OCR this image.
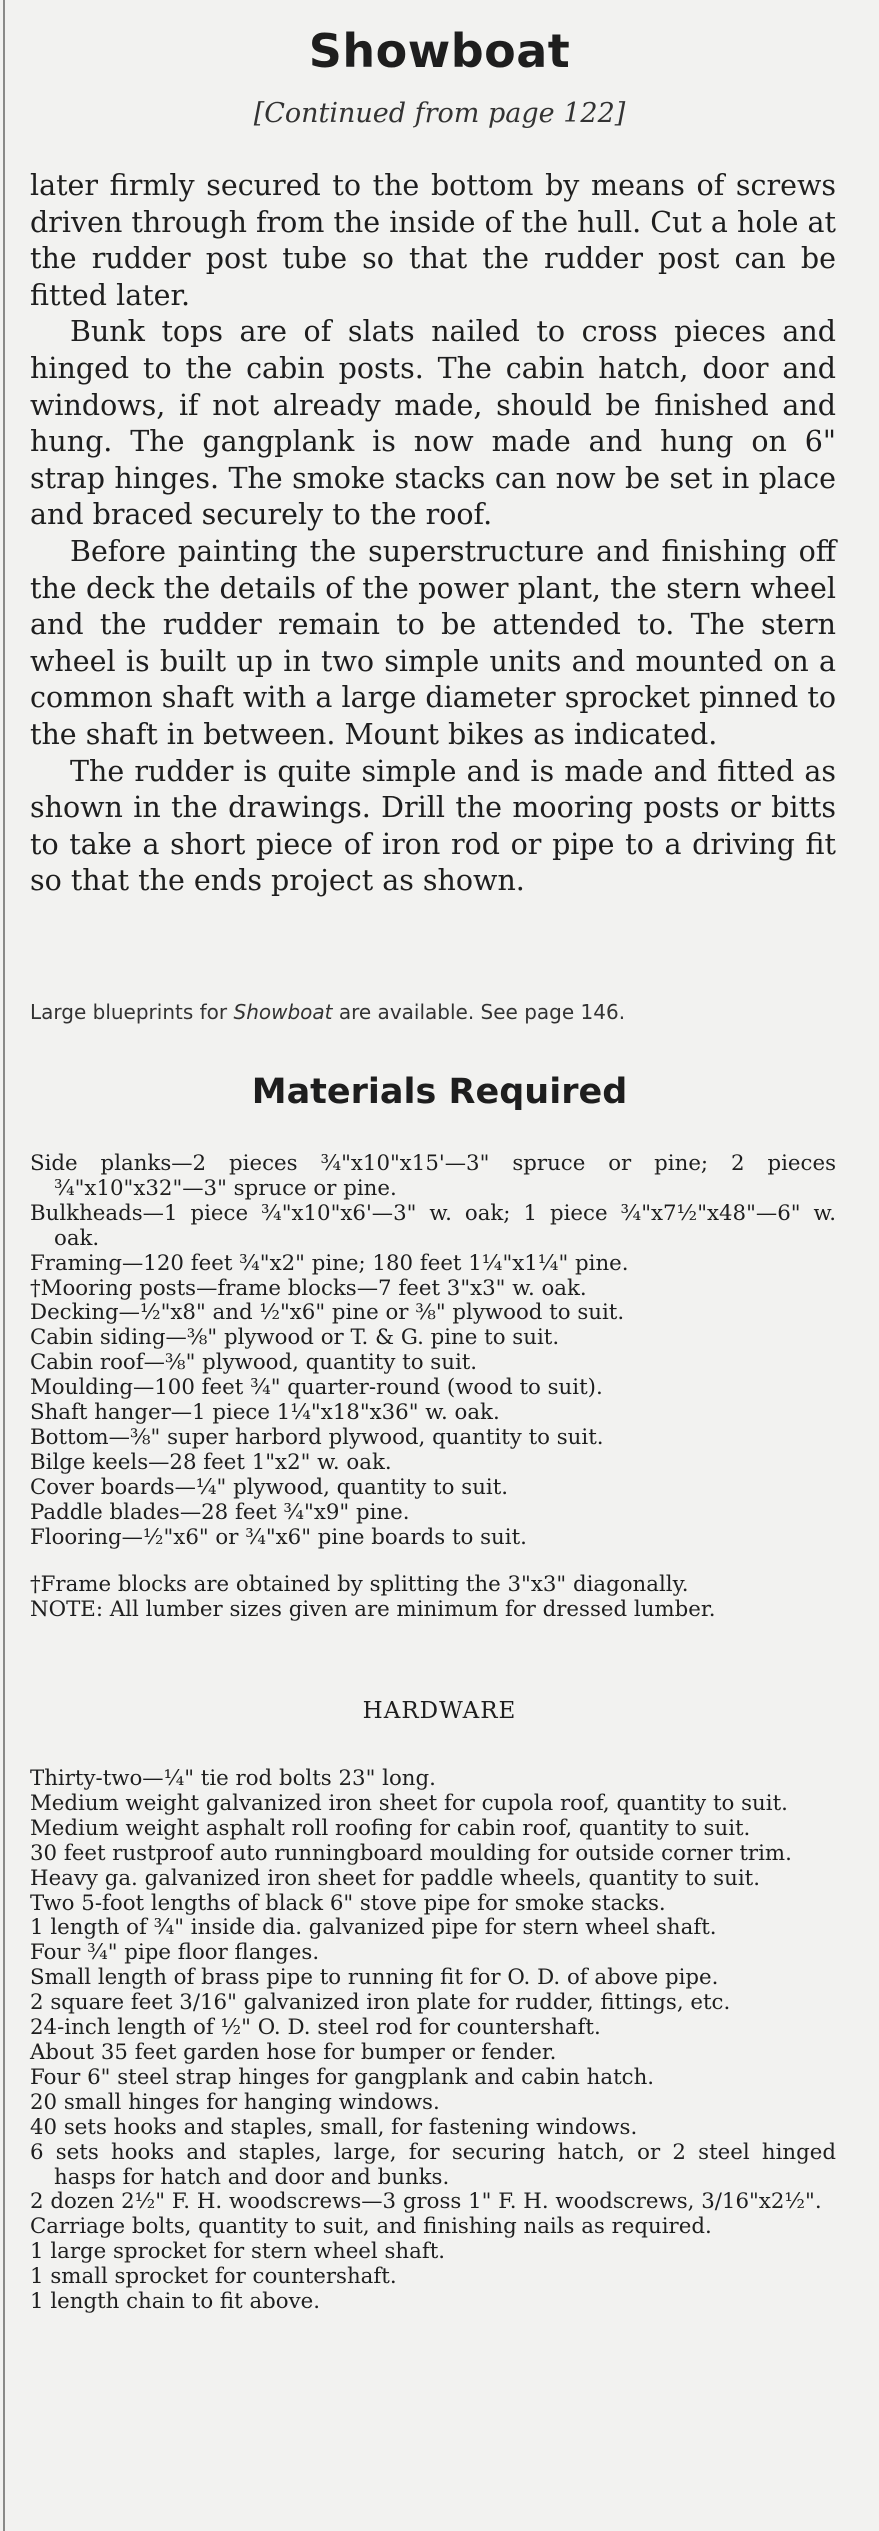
Showboat
[Continued from page 122]

later firmly secured to the bottom by means of screws driven through from the inside of the hull. Cut a hole at the rudder post tube so that the rudder post can be fitted later.

Bunk tops are of slats nailed to cross pieces and hinged to the cabin posts. The cabin hatch, door and windows, if not already made, should be finished and hung. The gangplank is now made and hung on 6" strap hinges. The smoke stacks can now be set in place and braced securely to the roof.

Before painting the superstructure and finishing off the deck the details of the power plant, the stern wheel and the rudder remain to be attended to. The stern wheel is built up in two simple units and mounted on a common shaft with a large diameter sprocket pinned to the shaft in between. Mount bikes as indicated.

The rudder is quite simple and is made and fitted as shown in the drawings. Drill the mooring posts or bitts to take a short piece of iron rod or pipe to a driving fit so that the ends project as shown.

Large blueprints for Showboat are available. See page 146.
Materials Required

Side planks—2 pieces ¾"x10"x15'—3" spruce or pine; 2 pieces ¾"x10"x32"—3" spruce or pine.

Bulkheads—1 piece ¾"x10"x6'—3" w. oak; 1 piece ¾"x7½"x48"—6" w. oak.

Framing—120 feet ¾"x2" pine; 180 feet 1¼"x1¼" pine.

†Mooring posts—frame blocks—7 feet 3"x3" w. oak.

Decking—½"x8" and ½"x6" pine or ⅜" plywood to suit.

Cabin siding—⅜" plywood or T. & G. pine to suit.

Cabin roof—⅜" plywood, quantity to suit.

Moulding—100 feet ¾" quarter-round (wood to suit).

Shaft hanger—1 piece 1¼"x18"x36" w. oak.

Bottom—⅜" super harbord plywood, quantity to suit.

Bilge keels—28 feet 1"x2" w. oak.

Cover boards—¼" plywood, quantity to suit.

Paddle blades—28 feet ¾"x9" pine.

Flooring—½"x6" or ¾"x6" pine boards to suit.

†Frame blocks are obtained by splitting the 3"x3" diagonally.

NOTE: All lumber sizes given are minimum for dressed lumber.

HARDWARE

Thirty-two—¼" tie rod bolts 23" long.

Medium weight galvanized iron sheet for cupola roof, quantity to suit.

Medium weight asphalt roll roofing for cabin roof, quantity to suit.

30 feet rustproof auto runningboard moulding for outside corner trim.

Heavy ga. galvanized iron sheet for paddle wheels, quantity to suit.

Two 5-foot lengths of black 6" stove pipe for smoke stacks.

1 length of ¾" inside dia. galvanized pipe for stern wheel shaft.

Four ¾" pipe floor flanges.

Small length of brass pipe to running fit for O. D. of above pipe.

2 square feet 3/16" galvanized iron plate for rudder, fittings, etc.

24-inch length of ½" O. D. steel rod for countershaft.

About 35 feet garden hose for bumper or fender.

Four 6" steel strap hinges for gangplank and cabin hatch.

20 small hinges for hanging windows.

40 sets hooks and staples, small, for fastening windows.

6 sets hooks and staples, large, for securing hatch, or 2 steel hinged hasps for hatch and door and bunks.

2 dozen 2½" F. H. woodscrews—3 gross 1" F. H. woodscrews, 3/16"x2½".

Carriage bolts, quantity to suit, and finishing nails as required.

1 large sprocket for stern wheel shaft.

1 small sprocket for countershaft.

1 length chain to fit above.
